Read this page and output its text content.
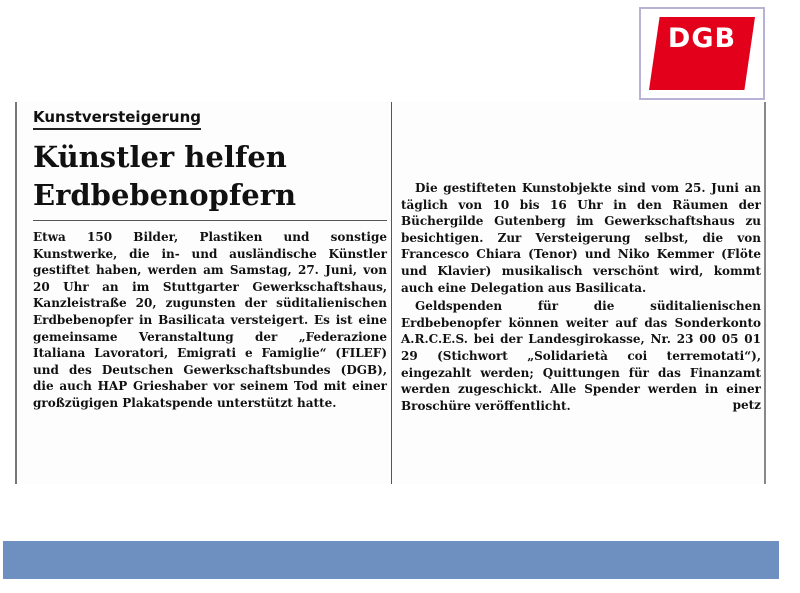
DGB
Kunstversteigerung
Künstler helfen
Erdbebenopfern

Etwa 150 Bilder, Plastiken und sonstige Kunstwerke, die in- und ausländische Künstler gestiftet haben, werden am Samstag, 27. Juni, von 20 Uhr an im Stuttgarter Gewerkschaftshaus, Kanzleistraße 20, zugunsten der süditalienischen Erdbebenopfer in Basilicata versteigert. Es ist eine gemeinsame Veranstaltung der „Federazione Italiana Lavoratori, Emigrati e Famiglie“ (FILEF) und des Deutschen Gewerkschaftsbundes (DGB), die auch HAP Grieshaber vor seinem Tod mit einer großzügigen Plakatspende unterstützt hatte.

Die gestifteten Kunstobjekte sind vom 25. Juni an täglich von 10 bis 16 Uhr in den Räumen der Büchergilde Gutenberg im Gewerkschaftshaus zu besichtigen. Zur Versteigerung selbst, die von Francesco Chiara (Tenor) und Niko Kemmer (Flöte und Klavier) musikalisch verschönt wird, kommt auch eine Delegation aus Basilicata.

Geldspenden für die süditalienischen Erdbebenopfer können weiter auf das Sonderkonto A.R.C.E.S. bei der Landesgirokasse, Nr. 23 00 05 01 29 (Stichwort „Solidarietà coi terremotati“), eingezahlt werden; Quittungen für das Finanzamt werden zugeschickt. Alle Spender werden in einer Broschüre veröffentlicht.	petz
